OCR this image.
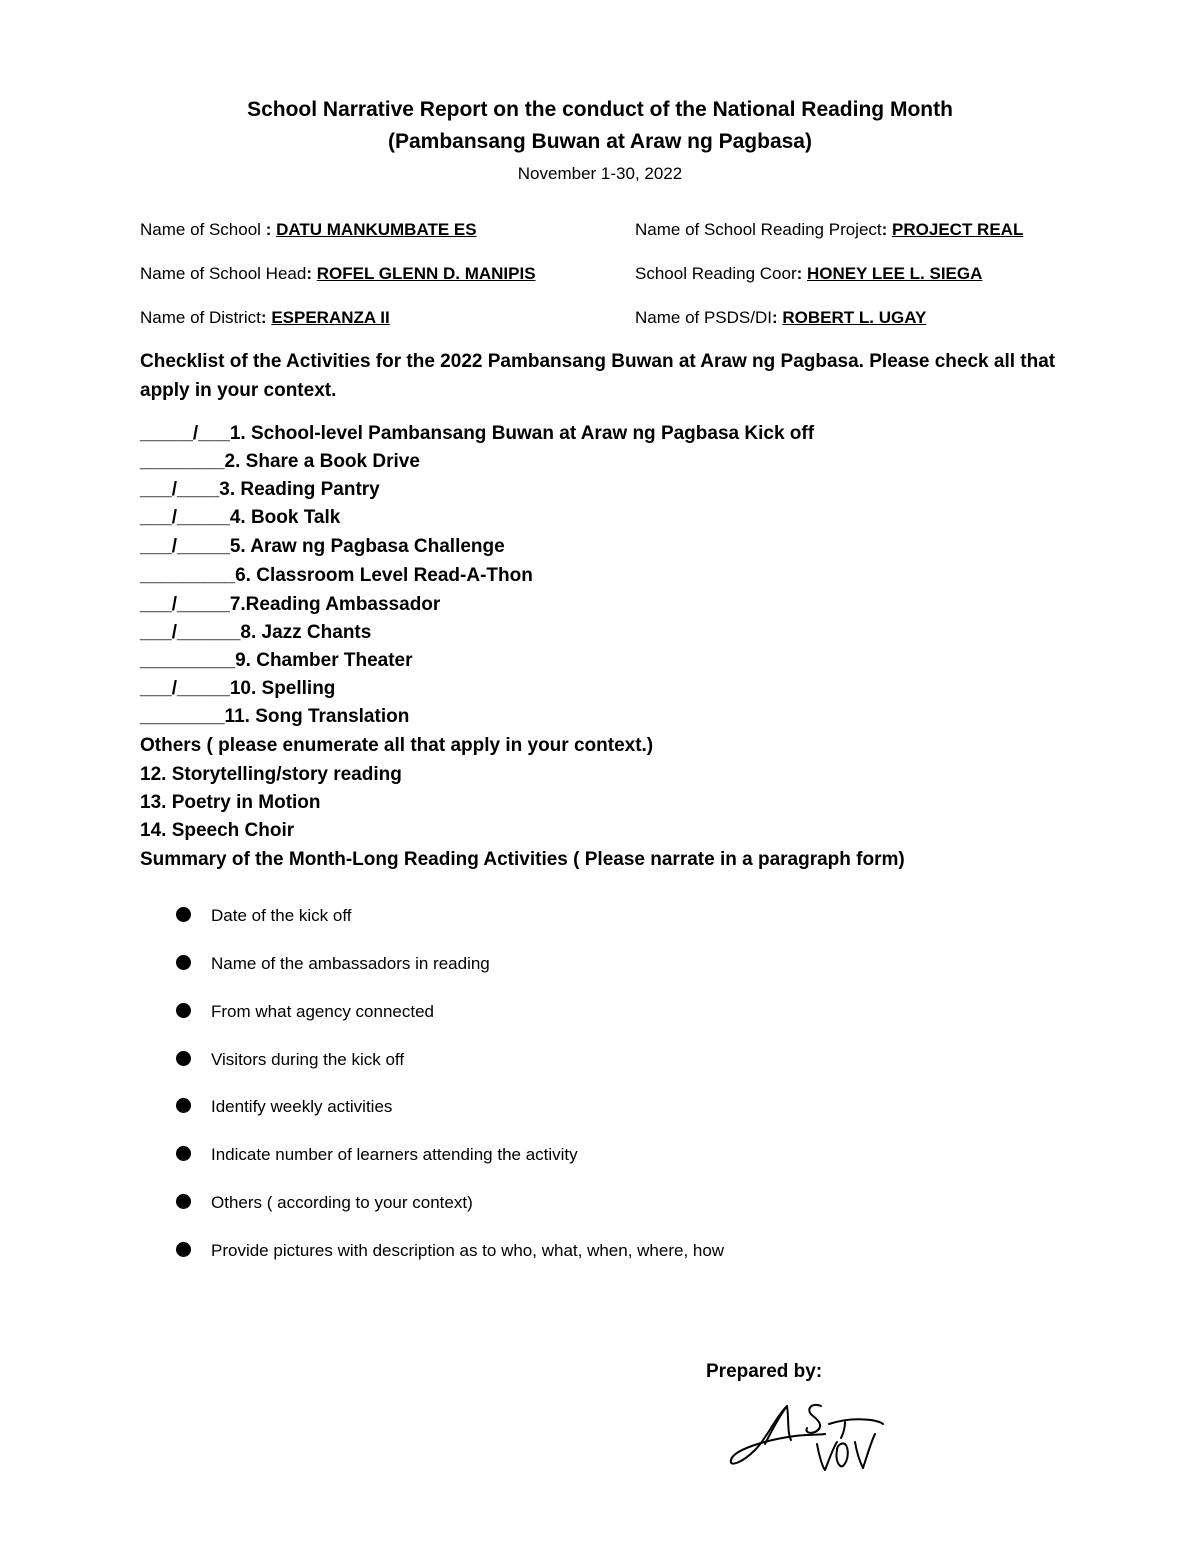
School Narrative Report on the conduct of the National Reading Month
(Pambansang Buwan at Araw ng Pagbasa)
November 1-30, 2022
Name of School : DATU MANKUMBATE ES	Name of School Reading Project: PROJECT REAL
Name of School Head: ROFEL GLENN D. MANIPIS	School Reading Coor: HONEY LEE L. SIEGA
Name of District: ESPERANZA II	Name of PSDS/DI: ROBERT L. UGAY
Checklist of the Activities for the 2022 Pambansang Buwan at Araw ng Pagbasa. Please check all that
apply in your context.
_____/___1. School-level Pambansang Buwan at Araw ng Pagbasa Kick off
________2. Share a Book Drive
___/____3. Reading Pantry
___/_____4. Book Talk
___/_____5. Araw ng Pagbasa Challenge
_________6. Classroom Level Read-A-Thon
___/_____7.Reading Ambassador
___/______8. Jazz Chants
_________9. Chamber Theater
___/_____10. Spelling
________11. Song Translation
Others ( please enumerate all that apply in your context.)
12. Storytelling/story reading
13. Poetry in Motion
14. Speech Choir
Summary of the Month-Long Reading Activities ( Please narrate in a paragraph form)
Date of the kick off
Name of the ambassadors in reading
From what agency connected
Visitors during the kick off
Identify weekly activities
Indicate number of learners attending the activity
Others ( according to your context)
Provide pictures with description as to who, what, when, where, how
Prepared by:
